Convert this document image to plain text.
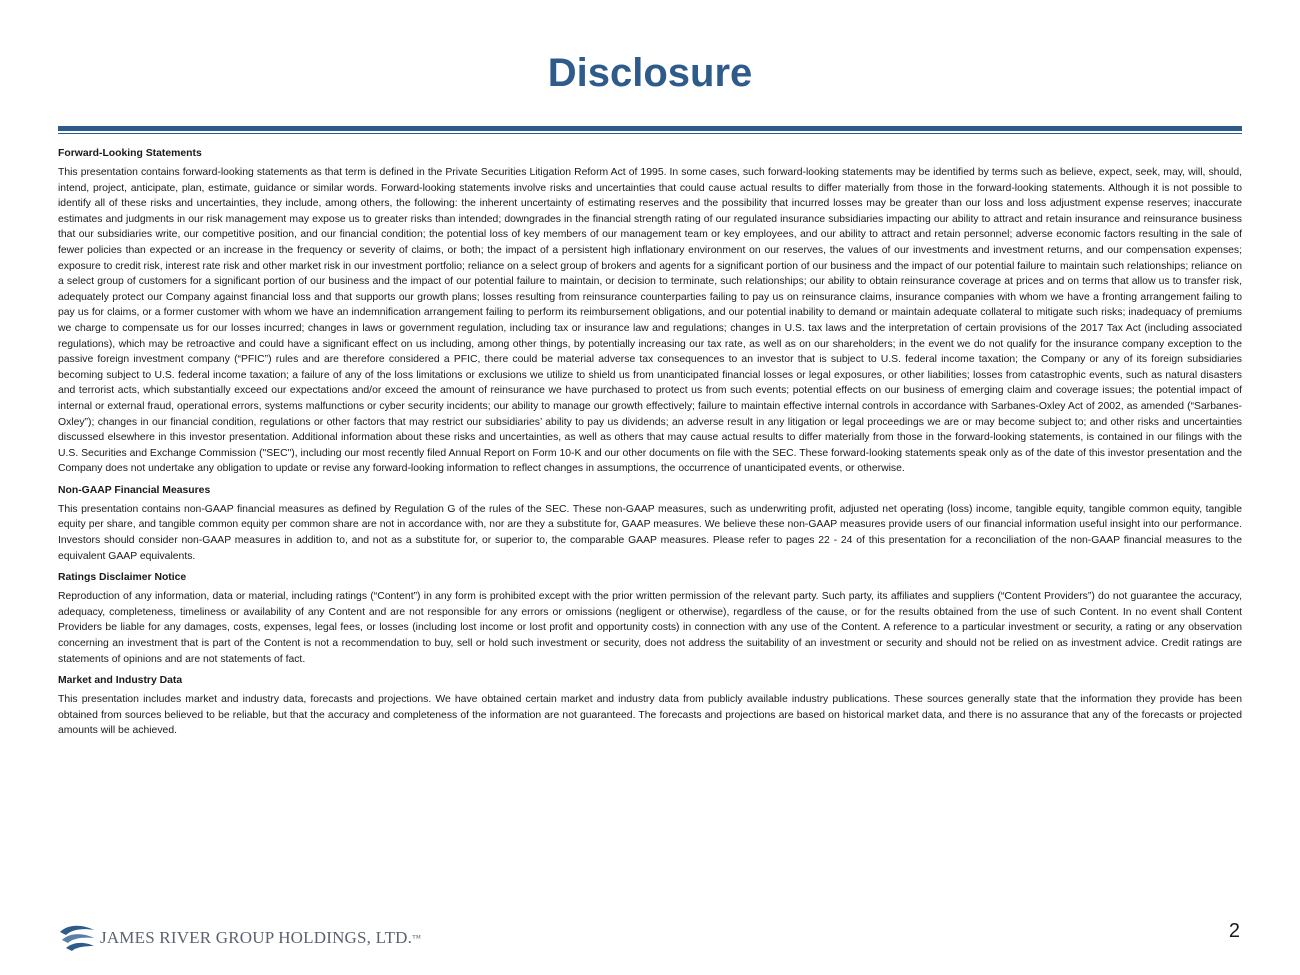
Disclosure
Forward-Looking Statements

This presentation contains forward-looking statements as that term is defined in the Private Securities Litigation Reform Act of 1995. In some cases, such forward-looking statements may be identified by terms such as believe, expect, seek, may, will, should, intend, project, anticipate, plan, estimate, guidance or similar words. Forward-looking statements involve risks and uncertainties that could cause actual results to differ materially from those in the forward-looking statements. Although it is not possible to identify all of these risks and uncertainties, they include, among others, the following: the inherent uncertainty of estimating reserves and the possibility that incurred losses may be greater than our loss and loss adjustment expense reserves; inaccurate estimates and judgments in our risk management may expose us to greater risks than intended; downgrades in the financial strength rating of our regulated insurance subsidiaries impacting our ability to attract and retain insurance and reinsurance business that our subsidiaries write, our competitive position, and our financial condition; the potential loss of key members of our management team or key employees, and our ability to attract and retain personnel; adverse economic factors resulting in the sale of fewer policies than expected or an increase in the frequency or severity of claims, or both; the impact of a persistent high inflationary environment on our reserves, the values of our investments and investment returns, and our compensation expenses; exposure to credit risk, interest rate risk and other market risk in our investment portfolio; reliance on a select group of brokers and agents for a significant portion of our business and the impact of our potential failure to maintain such relationships; reliance on a select group of customers for a significant portion of our business and the impact of our potential failure to maintain, or decision to terminate, such relationships; our ability to obtain reinsurance coverage at prices and on terms that allow us to transfer risk, adequately protect our Company against financial loss and that supports our growth plans; losses resulting from reinsurance counterparties failing to pay us on reinsurance claims, insurance companies with whom we have a fronting arrangement failing to pay us for claims, or a former customer with whom we have an indemnification arrangement failing to perform its reimbursement obligations, and our potential inability to demand or maintain adequate collateral to mitigate such risks; inadequacy of premiums we charge to compensate us for our losses incurred; changes in laws or government regulation, including tax or insurance law and regulations; changes in U.S. tax laws and the interpretation of certain provisions of the 2017 Tax Act (including associated regulations), which may be retroactive and could have a significant effect on us including, among other things, by potentially increasing our tax rate, as well as on our shareholders; in the event we do not qualify for the insurance company exception to the passive foreign investment company (“PFIC”) rules and are therefore considered a PFIC, there could be material adverse tax consequences to an investor that is subject to U.S. federal income taxation; the Company or any of its foreign subsidiaries becoming subject to U.S. federal income taxation; a failure of any of the loss limitations or exclusions we utilize to shield us from unanticipated financial losses or legal exposures, or other liabilities; losses from catastrophic events, such as natural disasters and terrorist acts, which substantially exceed our expectations and/or exceed the amount of reinsurance we have purchased to protect us from such events; potential effects on our business of emerging claim and coverage issues; the potential impact of internal or external fraud, operational errors, systems malfunctions or cyber security incidents; our ability to manage our growth effectively; failure to maintain effective internal controls in accordance with Sarbanes-Oxley Act of 2002, as amended (“Sarbanes-Oxley”); changes in our financial condition, regulations or other factors that may restrict our subsidiaries’ ability to pay us dividends; an adverse result in any litigation or legal proceedings we are or may become subject to; and other risks and uncertainties discussed elsewhere in this investor presentation. Additional information about these risks and uncertainties, as well as others that may cause actual results to differ materially from those in the forward-looking statements, is contained in our filings with the U.S. Securities and Exchange Commission ("SEC"), including our most recently filed Annual Report on Form 10-K and our other documents on file with the SEC. These forward-looking statements speak only as of the date of this investor presentation and the Company does not undertake any obligation to update or revise any forward-looking information to reflect changes in assumptions, the occurrence of unanticipated events, or otherwise.

Non-GAAP Financial Measures

This presentation contains non-GAAP financial measures as defined by Regulation G of the rules of the SEC. These non-GAAP measures, such as underwriting profit, adjusted net operating (loss) income, tangible equity, tangible common equity, tangible equity per share, and tangible common equity per common share are not in accordance with, nor are they a substitute for, GAAP measures. We believe these non-GAAP measures provide users of our financial information useful insight into our performance. Investors should consider non-GAAP measures in addition to, and not as a substitute for, or superior to, the comparable GAAP measures. Please refer to pages 22 - 24 of this presentation for a reconciliation of the non-GAAP financial measures to the equivalent GAAP equivalents.

Ratings Disclaimer Notice

Reproduction of any information, data or material, including ratings (“Content”) in any form is prohibited except with the prior written permission of the relevant party. Such party, its affiliates and suppliers (“Content Providers”) do not guarantee the accuracy, adequacy, completeness, timeliness or availability of any Content and are not responsible for any errors or omissions (negligent or otherwise), regardless of the cause, or for the results obtained from the use of such Content. In no event shall Content Providers be liable for any damages, costs, expenses, legal fees, or losses (including lost income or lost profit and opportunity costs) in connection with any use of the Content. A reference to a particular investment or security, a rating or any observation concerning an investment that is part of the Content is not a recommendation to buy, sell or hold such investment or security, does not address the suitability of an investment or security and should not be relied on as investment advice. Credit ratings are statements of opinions and are not statements of fact.

Market and Industry Data

This presentation includes market and industry data, forecasts and projections. We have obtained certain market and industry data from publicly available industry publications. These sources generally state that the information they provide has been obtained from sources believed to be reliable, but that the accuracy and completeness of the information are not guaranteed. The forecasts and projections are based on historical market data, and there is no assurance that any of the forecasts or projected amounts will be achieved.

JAMES RIVER GROUP HOLDINGS, LTD. ™	2
